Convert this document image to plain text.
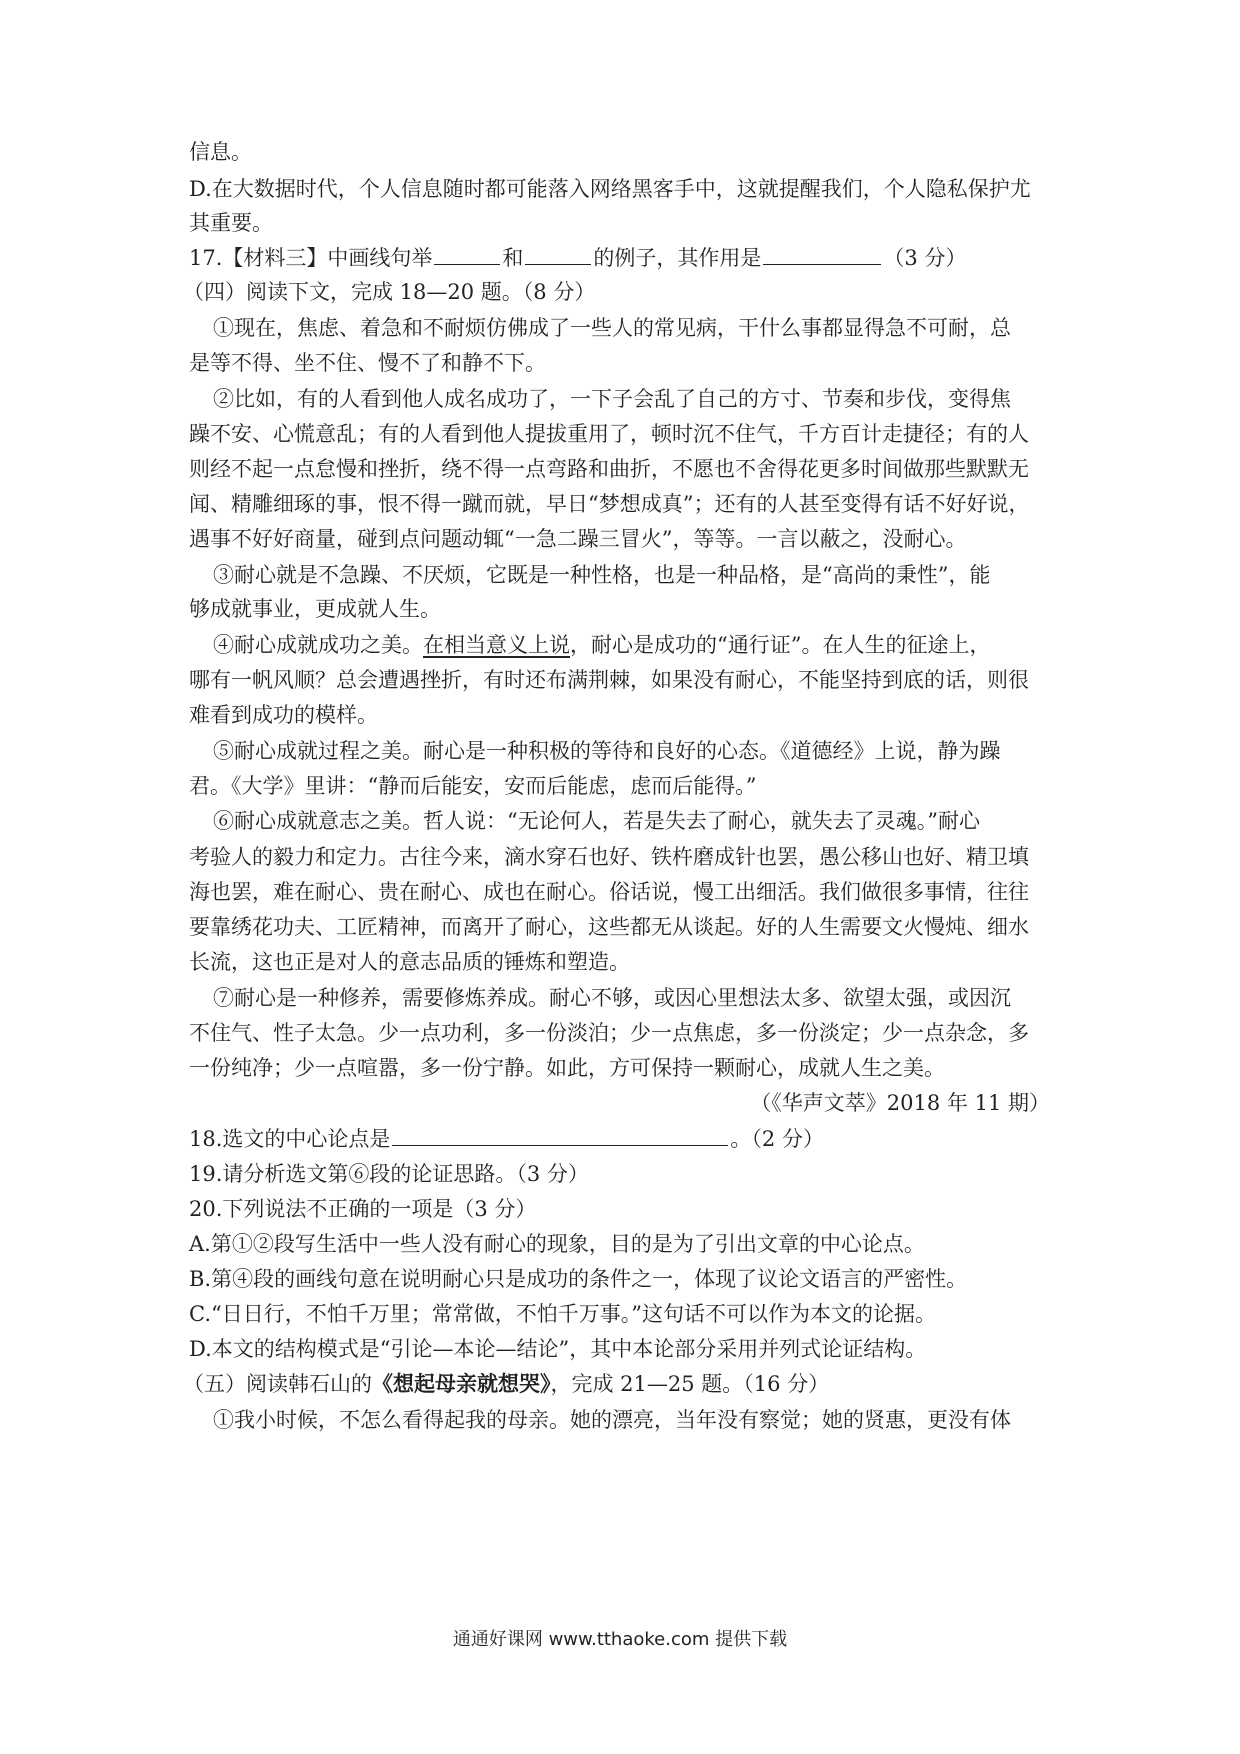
信息。
D.在大数据时代，个人信息随时都可能落入网络黑客手中，这就提醒我们，个人隐私保护尤
其重要。
17.【材料三】中画线句举	和	的例子，其作用是	（3 分）
（四）阅读下文，完成 18—20 题。（8 分）
①现在，焦虑、着急和不耐烦仿佛成了一些人的常见病，干什么事都显得急不可耐，总
是等不得、坐不住、慢不了和静不下。
②比如，有的人看到他人成名成功了，一下子会乱了自己的方寸、节奏和步伐，变得焦
躁不安、心慌意乱；有的人看到他人提拔重用了，顿时沉不住气，千方百计走捷径；有的人
则经不起一点怠慢和挫折，绕不得一点弯路和曲折，不愿也不舍得花更多时间做那些默默无
闻、精雕细琢的事，恨不得一蹴而就，早日“梦想成真”；还有的人甚至变得有话不好好说，
遇事不好好商量，碰到点问题动辄“一急二躁三冒火”，等等。一言以蔽之，没耐心。
③耐心就是不急躁、不厌烦，它既是一种性格，也是一种品格，是“高尚的秉性”，能
够成就事业，更成就人生。
④耐心成就成功之美。在相当意义上说，耐心是成功的“通行证”。在人生的征途上，
哪有一帆风顺？总会遭遇挫折，有时还布满荆棘，如果没有耐心，不能坚持到底的话，则很
难看到成功的模样。
⑤耐心成就过程之美。耐心是一种积极的等待和良好的心态。《道德经》上说，静为躁
君。《大学》里讲：“静而后能安，安而后能虑，虑而后能得。”
⑥耐心成就意志之美。哲人说：“无论何人，若是失去了耐心，就失去了灵魂。”耐心
考验人的毅力和定力。古往今来，滴水穿石也好、铁杵磨成针也罢，愚公移山也好、精卫填
海也罢，难在耐心、贵在耐心、成也在耐心。俗话说，慢工出细活。我们做很多事情，往往
要靠绣花功夫、工匠精神，而离开了耐心，这些都无从谈起。好的人生需要文火慢炖、细水
长流，这也正是对人的意志品质的锤炼和塑造。
⑦耐心是一种修养，需要修炼养成。耐心不够，或因心里想法太多、欲望太强，或因沉
不住气、性子太急。少一点功利，多一份淡泊；少一点焦虑，多一份淡定；少一点杂念，多
一份纯净；少一点喧嚣，多一份宁静。如此，方可保持一颗耐心，成就人生之美。
（《华声文萃》2018 年 11 期）
18.选文的中心论点是	。（2 分）
19.请分析选文第⑥段的论证思路。（3 分）
20.下列说法不正确的一项是（3 分）
A.第①②段写生活中一些人没有耐心的现象，目的是为了引出文章的中心论点。
B.第④段的画线句意在说明耐心只是成功的条件之一，体现了议论文语言的严密性。
C.“日日行，不怕千万里；常常做，不怕千万事。”这句话不可以作为本文的论据。
D.本文的结构模式是“引论—本论—结论”，其中本论部分采用并列式论证结构。
（五）阅读韩石山的《想起母亲就想哭》，完成 21—25 题。（16 分）
①我小时候，不怎么看得起我的母亲。她的漂亮，当年没有察觉；她的贤惠，更没有体
通通好课网 www.tthaoke.com 提供下载
